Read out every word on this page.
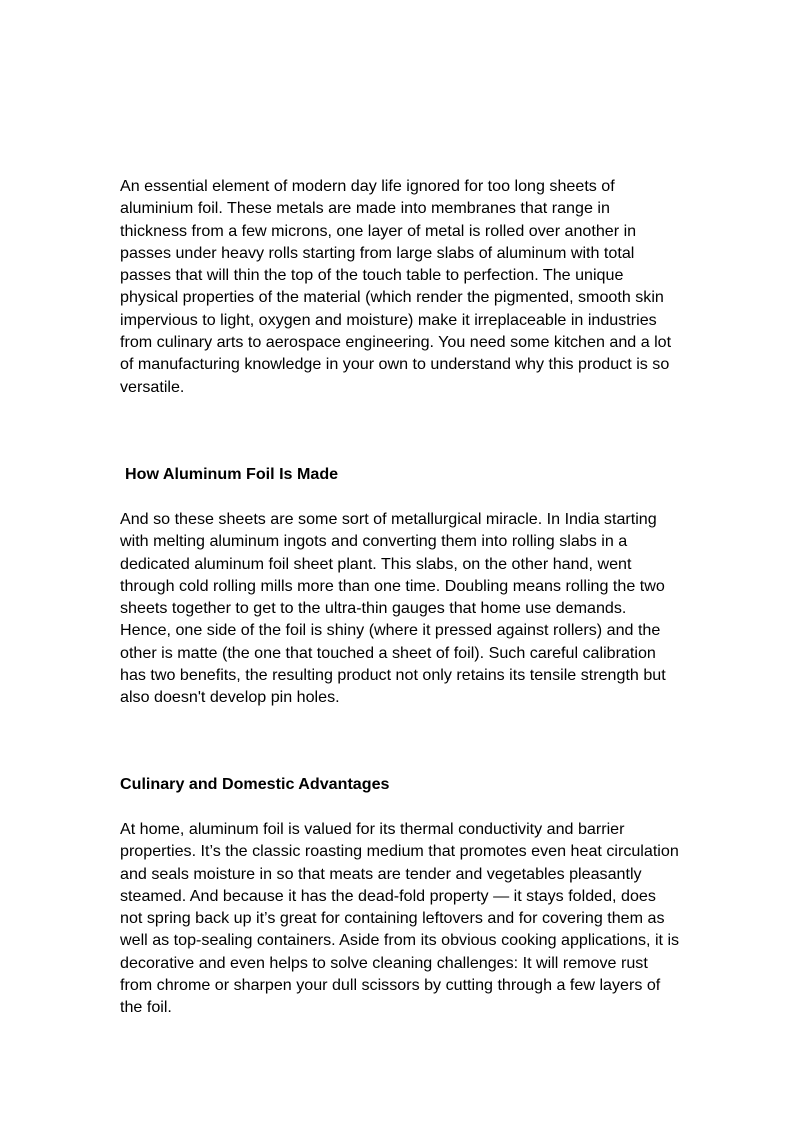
An essential element of modern day life ignored for too long sheets of aluminium foil. These metals are made into membranes that range in thickness from a few microns, one layer of metal is rolled over another in passes under heavy rolls starting from large slabs of aluminum with total passes that will thin the top of the touch table to perfection. The unique physical properties of the material (which render the pigmented, smooth skin impervious to light, oxygen and moisture) make it irreplaceable in industries from culinary arts to aerospace engineering. You need some kitchen and a lot of manufacturing knowledge in your own to understand why this product is so versatile.

How Aluminum Foil Is Made

And so these sheets are some sort of metallurgical miracle. In India starting with melting aluminum ingots and converting them into rolling slabs in a dedicated aluminum foil sheet plant. This slabs, on the other hand, went through cold rolling mills more than one time. Doubling means rolling the two sheets together to get to the ultra-thin gauges that home use demands. Hence, one side of the foil is shiny (where it pressed against rollers) and the other is matte (the one that touched a sheet of foil). Such careful calibration has two benefits, the resulting product not only retains its tensile strength but also doesn't develop pin holes.

Culinary and Domestic Advantages

At home, aluminum foil is valued for its thermal conductivity and barrier properties. It’s the classic roasting medium that promotes even heat circulation and seals moisture in so that meats are tender and vegetables pleasantly steamed. And because it has the dead-fold property — it stays folded, does not spring back up it’s great for containing leftovers and for covering them as well as top-sealing containers. Aside from its obvious cooking applications, it is decorative and even helps to solve cleaning challenges: It will remove rust from chrome or sharpen your dull scissors by cutting through a few layers of the foil.
